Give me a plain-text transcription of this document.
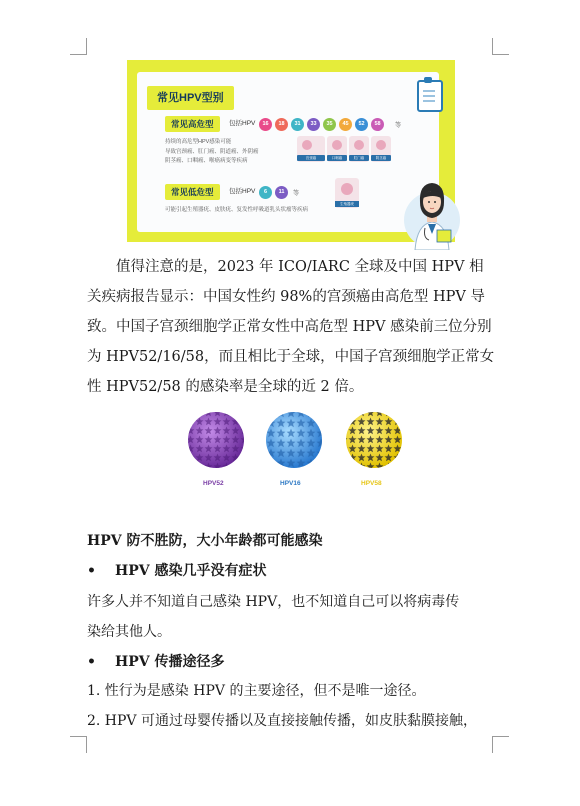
常见HPV型别
常见高危型	包括HPV	16	18	31	33	35	45	52	58	等
持续的高危型HPV感染可能
导致宫颈癌、肛门癌、阴道癌、外阴癌
阴茎癌、口咽癌、喉癌病变等疾病	宫颈癌	口咽癌	肛门癌	阴茎癌
常见低危型	包括HPV	6	11	等
可能引起生殖器疣、皮肤疣、复发性呼吸道乳头状瘤等疾病
生殖器疣
值得注意的是，2023 年 ICO/IARC 全球及中国 HPV 相关疾病报告显示：中国女性约 98%的宫颈癌由高危型 HPV 导致。中国子宫颈细胞学正常女性中高危型 HPV 感染前三位分别为 HPV52/16/58，而且相比于全球，中国子宫颈细胞学正常女性 HPV52/58 的感染率是全球的近 2 倍。
HPV52	HPV16	HPV58
HPV 防不胜防，大小年龄都可能感染
• HPV 感染几乎没有症状
许多人并不知道自己感染 HPV，也不知道自己可以将病毒传
染给其他人。
• HPV 传播途径多
1. 性行为是感染 HPV 的主要途径，但不是唯一途径。
2. HPV 可通过母婴传播以及直接接触传播，如皮肤黏膜接触，
